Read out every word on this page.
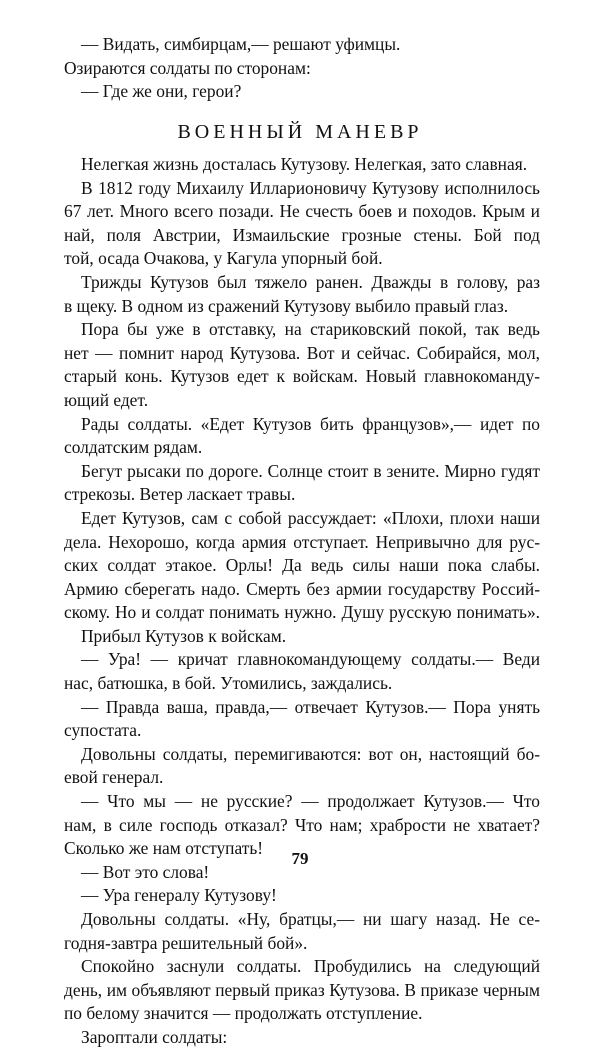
— Видать, симбирцам,— решают уфимцы.

Озираются солдаты по сторонам:

— Где же они, герои?

ВОЕННЫЙ МАНЕВР

Нелегкая жизнь досталась Кутузову. Нелегкая, зато славная.

В 1812 году Михаилу Илларионовичу Кутузову исполнилось

67 лет. Много всего позади. Не счесть боев и походов. Крым и

най, поля Австрии, Измаильские грозные стены. Бой под

той, осада Очакова, у Кагула упорный бой.

Трижды Кутузов был тяжело ранен. Дважды в голову, раз

в щеку. В одном из сражений Кутузову выбило правый глаз.

Пора бы уже в отставку, на стариковский покой, так ведь

нет — помнит народ Кутузова. Вот и сейчас. Собирайся, мол,

старый конь. Кутузов едет к войскам. Новый главнокоманду-

ющий едет.

Рады солдаты. «Едет Кутузов бить французов»,— идет по

солдатским рядам.

Бегут рысаки по дороге. Солнце стоит в зените. Мирно гудят

стрекозы. Ветер ласкает травы.

Едет Кутузов, сам с собой рассуждает: «Плохи, плохи наши

дела. Нехорошо, когда армия отступает. Непривычно для рус-

ских солдат этакое. Орлы! Да ведь силы наши пока слабы.

Армию сберегать надо. Смерть без армии государству Россий-

скому. Но и солдат понимать нужно. Душу русскую понимать».

Прибыл Кутузов к войскам.

— Ура! — кричат главнокомандующему солдаты.— Веди

нас, батюшка, в бой. Утомились, заждались.

— Правда ваша, правда,— отвечает Кутузов.— Пора унять

супостата.

Довольны солдаты, перемигиваются: вот он, настоящий бо-

евой генерал.

— Что мы — не русские? — продолжает Кутузов.— Что

нам, в силе господь отказал? Что нам; храбрости не хватает?

Сколько же нам отступать!

— Вот это слова!

— Ура генералу Кутузову!

Довольны солдаты. «Ну, братцы,— ни шагу назад. Не се-

годня-завтра решительный бой».

Спокойно заснули солдаты. Пробудились на следующий

день, им объявляют первый приказ Кутузова. В приказе черным

по белому значится — продолжать отступление.

Зароптали солдаты:

79
